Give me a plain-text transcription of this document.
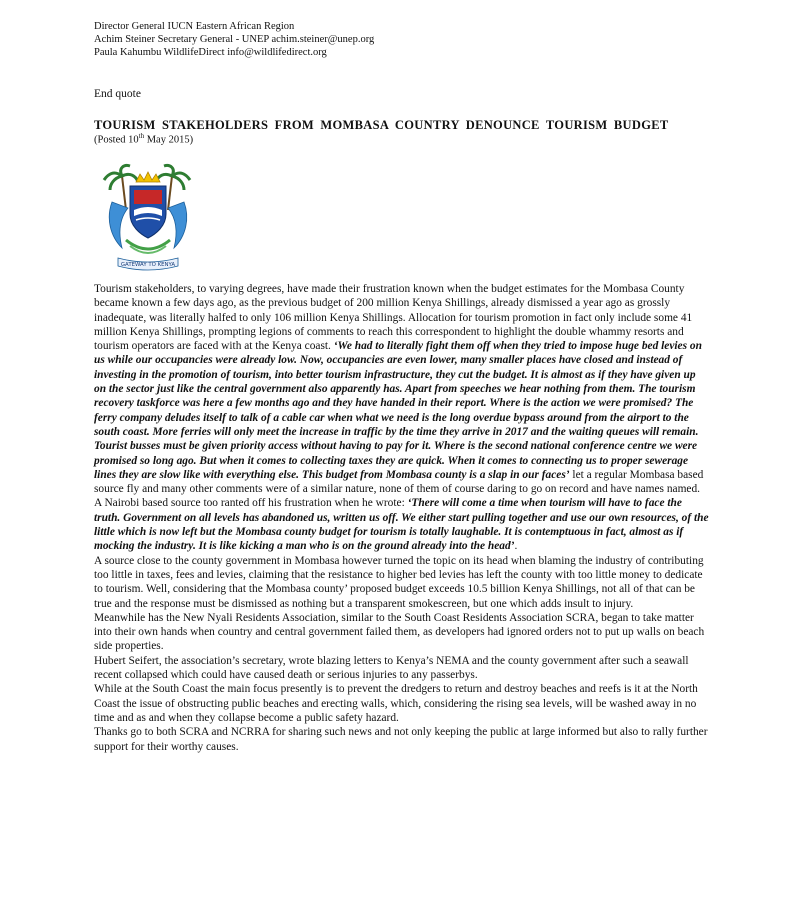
Director General IUCN Eastern African Region
Achim Steiner Secretary General - UNEP achim.steiner@unep.org
Paula Kahumbu WildlifeDirect info@wildlifedirect.org
End quote
TOURISM STAKEHOLDERS FROM MOMBASA COUNTRY DENOUNCE TOURISM BUDGET
(Posted 10th May 2015)
GATEWAY TO KENYA

Tourism stakeholders, to varying degrees, have made their frustration known when the budget estimates for the Mombasa County became known a few days ago, as the previous budget of 200 million Kenya Shillings, already dismissed a year ago as grossly inadequate, was literally halfed to only 106 million Kenya Shillings. Allocation for tourism promotion in fact only include some 41 million Kenya Shillings, prompting legions of comments to reach this correspondent to highlight the double whammy resorts and tourism operators are faced with at the Kenya coast. ‘We had to literally fight them off when they tried to impose huge bed levies on us while our occupancies were already low. Now, occupancies are even lower, many smaller places have closed and instead of investing in the promotion of tourism, into better tourism infrastructure, they cut the budget. It is almost as if they have given up on the sector just like the central government also apparently has. Apart from speeches we hear nothing from them. The tourism recovery taskforce was here a few months ago and they have handed in their report. Where is the action we were promised? The ferry company deludes itself to talk of a cable car when what we need is the long overdue bypass around from the airport to the south coast. More ferries will only meet the increase in traffic by the time they arrive in 2017 and the waiting queues will remain. Tourist busses must be given priority access without having to pay for it. Where is the second national conference centre we were promised so long ago. But when it comes to collecting taxes they are quick. When it comes to connecting us to proper sewerage lines they are slow like with everything else. This budget from Mombasa county is a slap in our faces’ let a regular Mombasa based source fly and many other comments were of a similar nature, none of them of course daring to go on record and have names named.

A Nairobi based source too ranted off his frustration when he wrote: ‘There will come a time when tourism will have to face the truth. Government on all levels has abandoned us, written us off. We either start pulling together and use our own resources, of the little which is now left but the Mombasa county budget for tourism is totally laughable. It is contemptuous in fact, almost as if mocking the industry. It is like kicking a man who is on the ground already into the head’.

A source close to the county government in Mombasa however turned the topic on its head when blaming the industry of contributing too little in taxes, fees and levies, claiming that the resistance to higher bed levies has left the county with too little money to dedicate to tourism. Well, considering that the Mombasa county’ proposed budget exceeds 10.5 billion Kenya Shillings, not all of that can be true and the response must be dismissed as nothing but a transparent smokescreen, but one which adds insult to injury.

Meanwhile has the New Nyali Residents Association, similar to the South Coast Residents Association SCRA, began to take matter into their own hands when country and central government failed them, as developers had ignored orders not to put up walls on beach side properties.

Hubert Seifert, the association’s secretary, wrote blazing letters to Kenya’s NEMA and the county government after such a seawall recent collapsed which could have caused death or serious injuries to any passerbys.

While at the South Coast the main focus presently is to prevent the dredgers to return and destroy beaches and reefs is it at the North Coast the issue of obstructing public beaches and erecting walls, which, considering the rising sea levels, will be washed away in no time and as and when they collapse become a public safety hazard.

Thanks go to both SCRA and NCRRA for sharing such news and not only keeping the public at large informed but also to rally further support for their worthy causes.
